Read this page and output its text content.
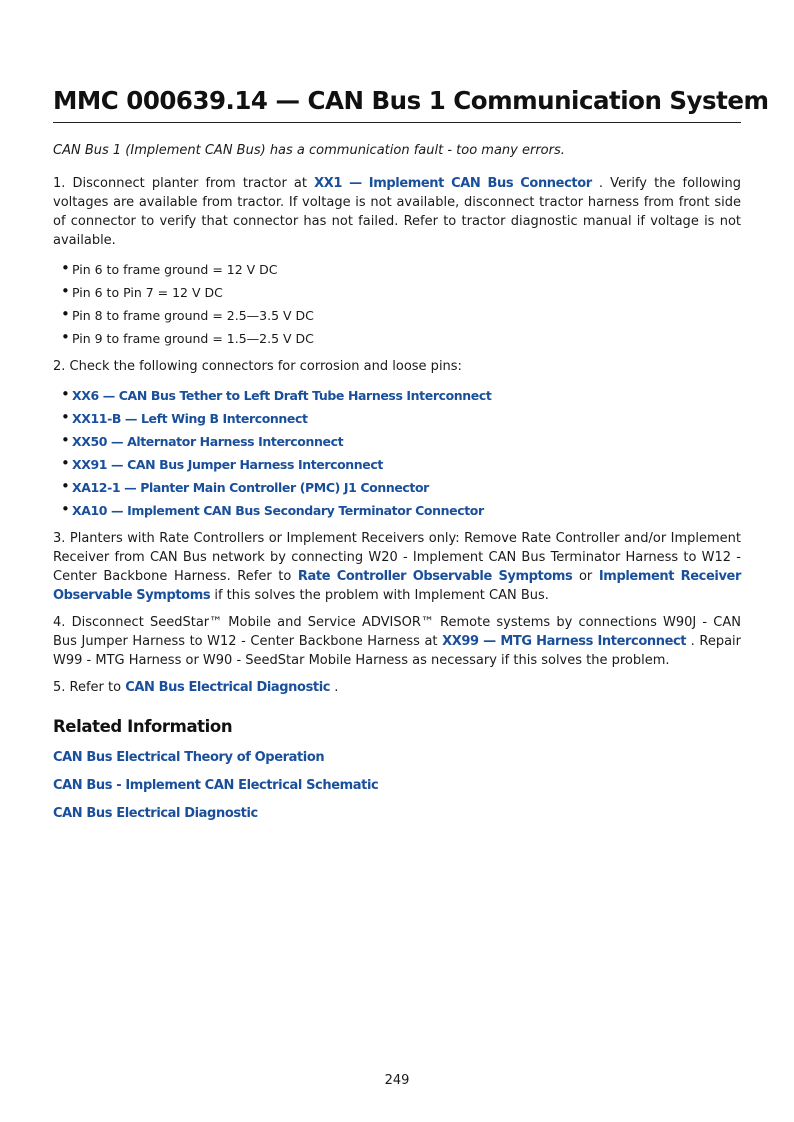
MMC 000639.14 — CAN Bus 1 Communication System

CAN Bus 1 (Implement CAN Bus) has a communication fault - too many errors.

1. Disconnect planter from tractor at XX1 — Implement CAN Bus Connector . Verify the following voltages are available from tractor. If voltage is not available, disconnect tractor harness from front side of connector to verify that connector has not failed. Refer to tractor diagnostic manual if voltage is not available.

• Pin 6 to frame ground = 12 V DC
• Pin 6 to Pin 7 = 12 V DC
• Pin 8 to frame ground = 2.5—3.5 V DC
• Pin 9 to frame ground = 1.5—2.5 V DC

2. Check the following connectors for corrosion and loose pins:

• XX6 — CAN Bus Tether to Left Draft Tube Harness Interconnect
• XX11-B — Left Wing B Interconnect
• XX50 — Alternator Harness Interconnect
• XX91 — CAN Bus Jumper Harness Interconnect
• XA12-1 — Planter Main Controller (PMC) J1 Connector
• XA10 — Implement CAN Bus Secondary Terminator Connector

3. Planters with Rate Controllers or Implement Receivers only: Remove Rate Controller and/or Implement Receiver from CAN Bus network by connecting W20 - Implement CAN Bus Terminator Harness to W12 - Center Backbone Harness. Refer to Rate Controller Observable Symptoms or Implement Receiver Observable Symptoms if this solves the problem with Implement CAN Bus.

4. Disconnect SeedStar™ Mobile and Service ADVISOR™ Remote systems by connections W90J - CAN Bus Jumper Harness to W12 - Center Backbone Harness at XX99 — MTG Harness Interconnect . Repair W99 - MTG Harness or W90 - SeedStar Mobile Harness as necessary if this solves the problem.

5. Refer to CAN Bus Electrical Diagnostic .

Related Information
CAN Bus Electrical Theory of Operation
CAN Bus - Implement CAN Electrical Schematic
CAN Bus Electrical Diagnostic
249
